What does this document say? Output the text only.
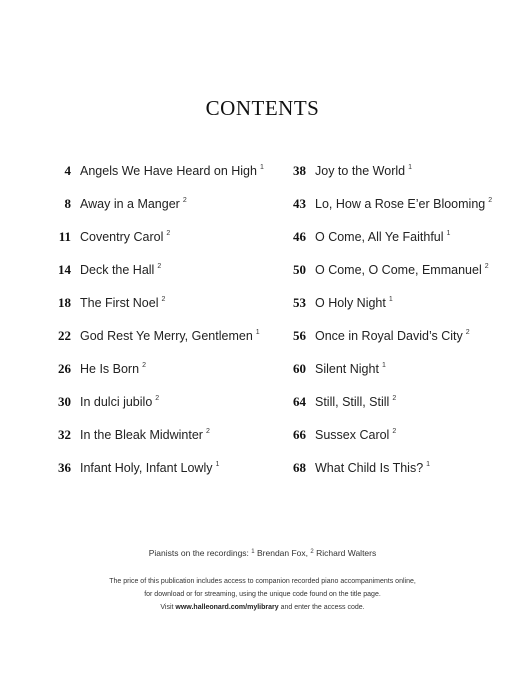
CONTENTS
4 Angels We Have Heard on High 1
8 Away in a Manger 2
11 Coventry Carol 2
14 Deck the Hall 2
18 The First Noel 2
22 God Rest Ye Merry, Gentlemen 1
26 He Is Born 2
30 In dulci jubilo 2
32 In the Bleak Midwinter 2
36 Infant Holy, Infant Lowly 1
38 Joy to the World 1
43 Lo, How a Rose E’er Blooming 2
46 O Come, All Ye Faithful 1
50 O Come, O Come, Emmanuel 2
53 O Holy Night 1
56 Once in Royal David’s City 2
60 Silent Night 1
64 Still, Still, Still 2
66 Sussex Carol 2
68 What Child Is This? 1
Pianists on the recordings: $^1$ Brendan Fox, $^2$ Richard Walters
The price of this publication includes access to companion recorded piano accompaniments online,
for download or for streaming, using the unique code found on the title page.
Visit www.halleonard.com/mylibrary and enter the access code.
